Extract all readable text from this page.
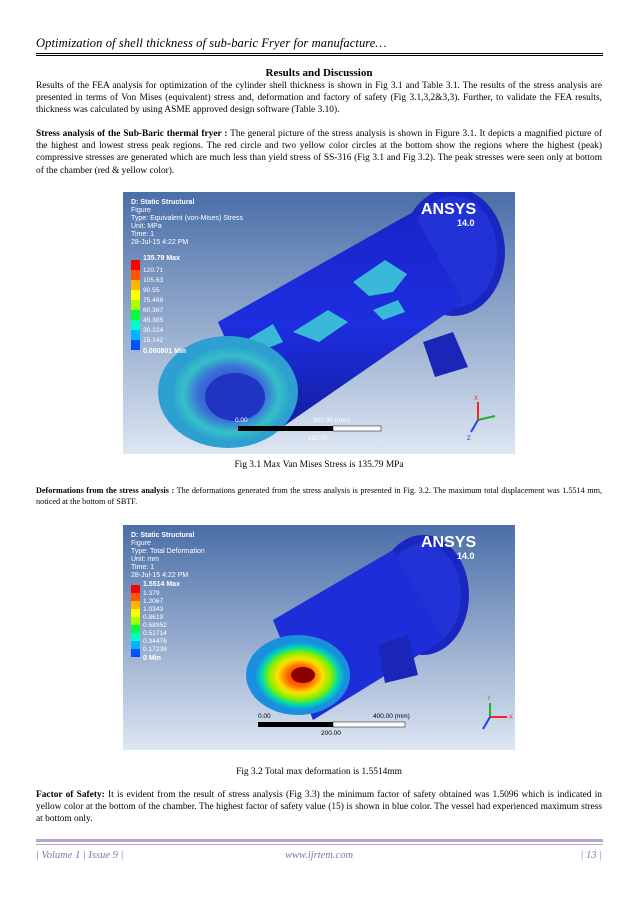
Optimization of shell thickness of sub-baric Fryer for manufacture…
Results and Discussion

Results of the FEA analysis for optimization of the cylinder shell thickness is shown in Fig 3.1 and Table 3.1. The results of the stress analysis are presented in terms of Von Mises (equivalent) stress and, deformation and factory of safety (Fig 3.1,3,2&3,3). Further, to validate the FEA results, thickness was calculated by using ASME approved design software (Table 3.10).

Stress analysis of the Sub-Baric thermal fryer : The general picture of the stress analysis is shown in Figure 3.1. It depicts a magnified picture of the highest and lowest stress peak regions. The red circle and two yellow color circles at the bottom show the regions where the highest (peak) compressive stresses are generated which are much less than yield stress of SS-316 (Fig 3.1 and Fig 3.2). The peak stresses were seen only at bottom of the chamber (red & yellow color).

D: Static Structural
Figure
Type: Equivalent (von-Mises) Stress
Unit: MPa
Time: 1
28-Jul-15 4:22 PM
135.79 Max
120.71
105.63
90.55
75.468
60.387
45.305
30.224
15.142
0.060801 Min
ANSYS
14.0
0.00	300.00 (mm)
150.00
X
Z
Fig 3.1 Max Van Mises Stress is 135.79 MPa

Deformations from the stress analysis : The deformations generated from the stress analysis is presented in Fig. 3.2. The maximum total displacement was 1.5514 mm, noticed at the bottom of SBTF.

D: Static Structural
Figure
Type: Total Deformation
Unit: mm
Time: 1
28-Jul-15 4:22 PM
1.5514 Max
1.379
1.2067
1.0343
0.8619
0.68952
0.51714
0.34476
0.17238
0 Min
ANSYS
14.0
0.00	400.00 (mm)
200.00
Y
X
Fig 3.2 Total max deformation is 1.5514mm

Factor of Safety: It is evident from the result of stress analysis (Fig 3.3) the minimum factor of safety obtained was 1.5096 which is indicated in yellow color at the bottom of the chamber. The highest factor of safety value (15) is shown in blue color. The vessel had experienced maximum stress at bottom only.

| Volume 1 | Issue 9 |	www.ijrtem.com	| 13 |
